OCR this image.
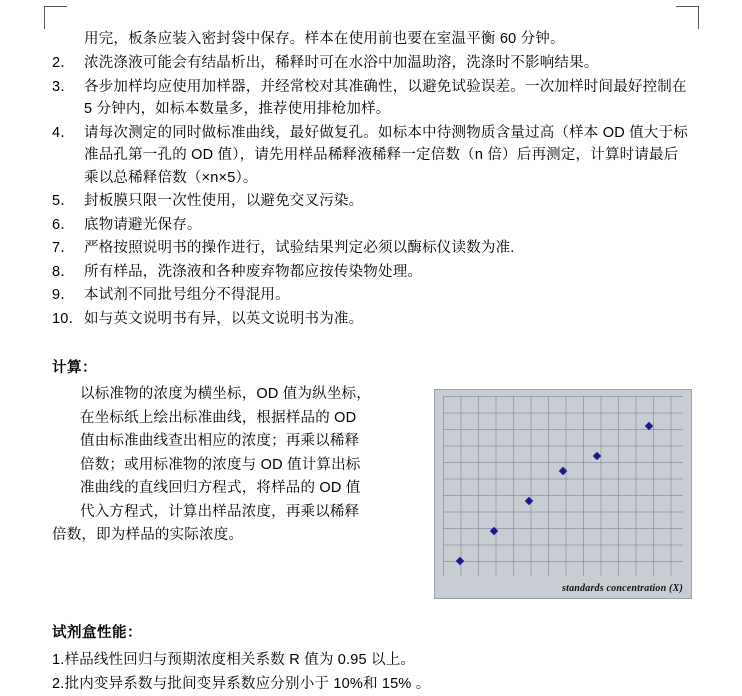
用完，板条应装入密封袋中保存。样本在使用前也要在室温平衡 60 分钟。
2． 浓洗涤液可能会有结晶析出，稀释时可在水浴中加温助溶，洗涤时不影响结果。
3． 各步加样均应使用加样器，并经常校对其准确性，以避免试验误差。一次加样时间最好控制在 5 分钟内，如标本数量多，推荐使用排枪加样。
4． 请每次测定的同时做标准曲线，最好做复孔。如标本中待测物质含量过高（样本 OD 值大于标准品孔第一孔的 OD 值），请先用样品稀释液稀释一定倍数（n 倍）后再测定，计算时请最后乘以总稀释倍数（×n×5）。
5． 封板膜只限一次性使用，以避免交叉污染。
6． 底物请避光保存。
7． 严格按照说明书的操作进行，试验结果判定必须以酶标仪读数为准.
8． 所有样品，洗涤液和各种废弃物都应按传染物处理。
9． 本试剂不同批号组分不得混用。
10． 如与英文说明书有异，以英文说明书为准。
计算：
以标准物的浓度为横坐标，OD 值为纵坐标，
在坐标纸上绘出标准曲线，根据样品的 OD
值由标准曲线查出相应的浓度；再乘以稀释
倍数；或用标准物的浓度与 OD 值计算出标
准曲线的直线回归方程式，将样品的 OD 值
代入方程式，计算出样品浓度，再乘以稀释
倍数，即为样品的实际浓度。
standards concentration (X)
试剂盒性能：
1.样品线性回归与预期浓度相关系数 R 值为 0.95 以上。
2.批内变异系数与批间变异系数应分别小于 10%和 15% 。
